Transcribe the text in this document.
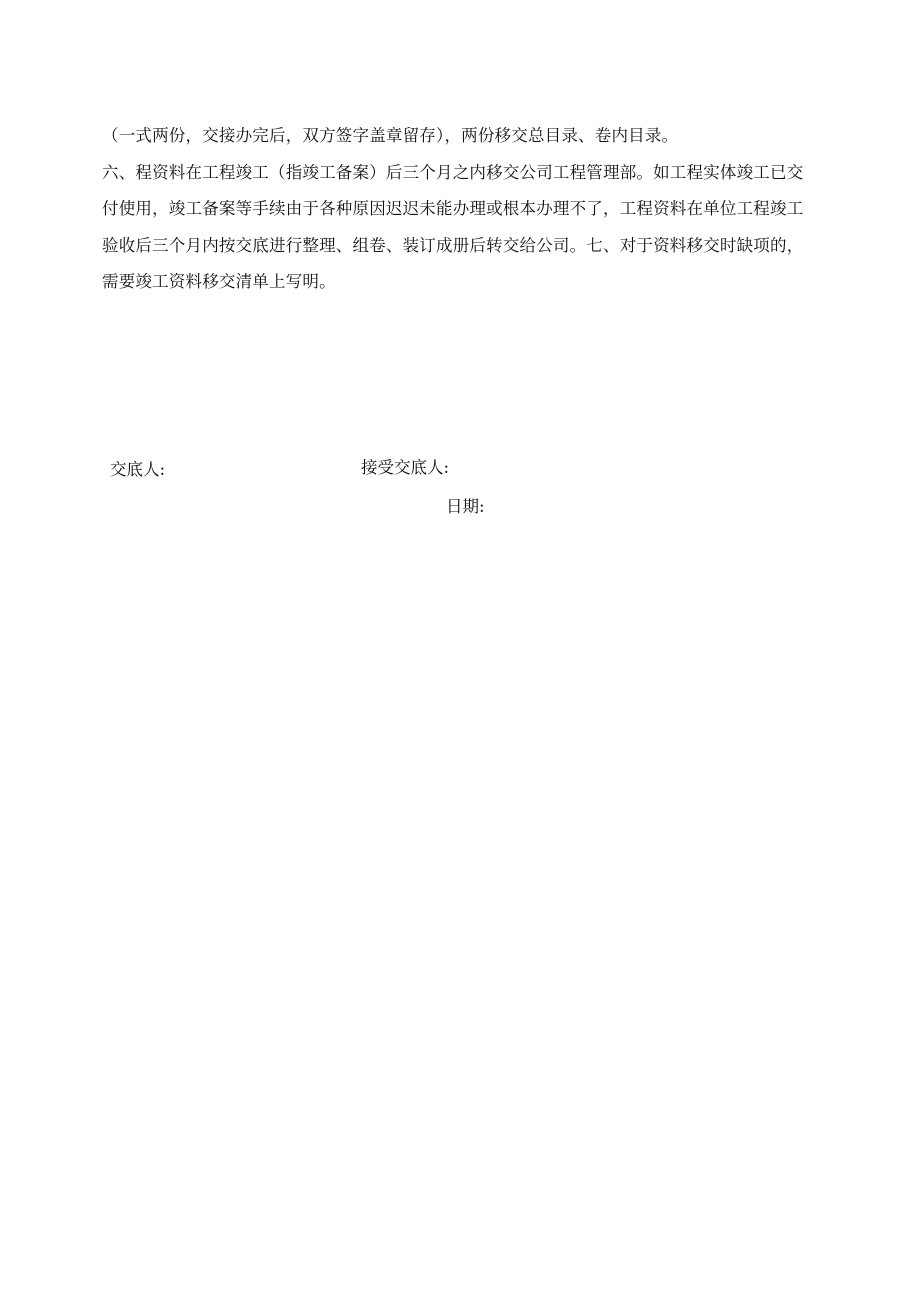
（一式两份，交接办完后，双方签字盖章留存），两份移交总目录、卷内目录。
六、程资料在工程竣工（指竣工备案）后三个月之内移交公司工程管理部。如工程实体竣工已交
付使用，竣工备案等手续由于各种原因迟迟未能办理或根本办理不了，工程资料在单位工程竣工
验收后三个月内按交底进行整理、组卷、装订成册后转交给公司。七、对于资料移交时缺项的，
需要竣工资料移交清单上写明。
交底人:	接受交底人:
日期:
